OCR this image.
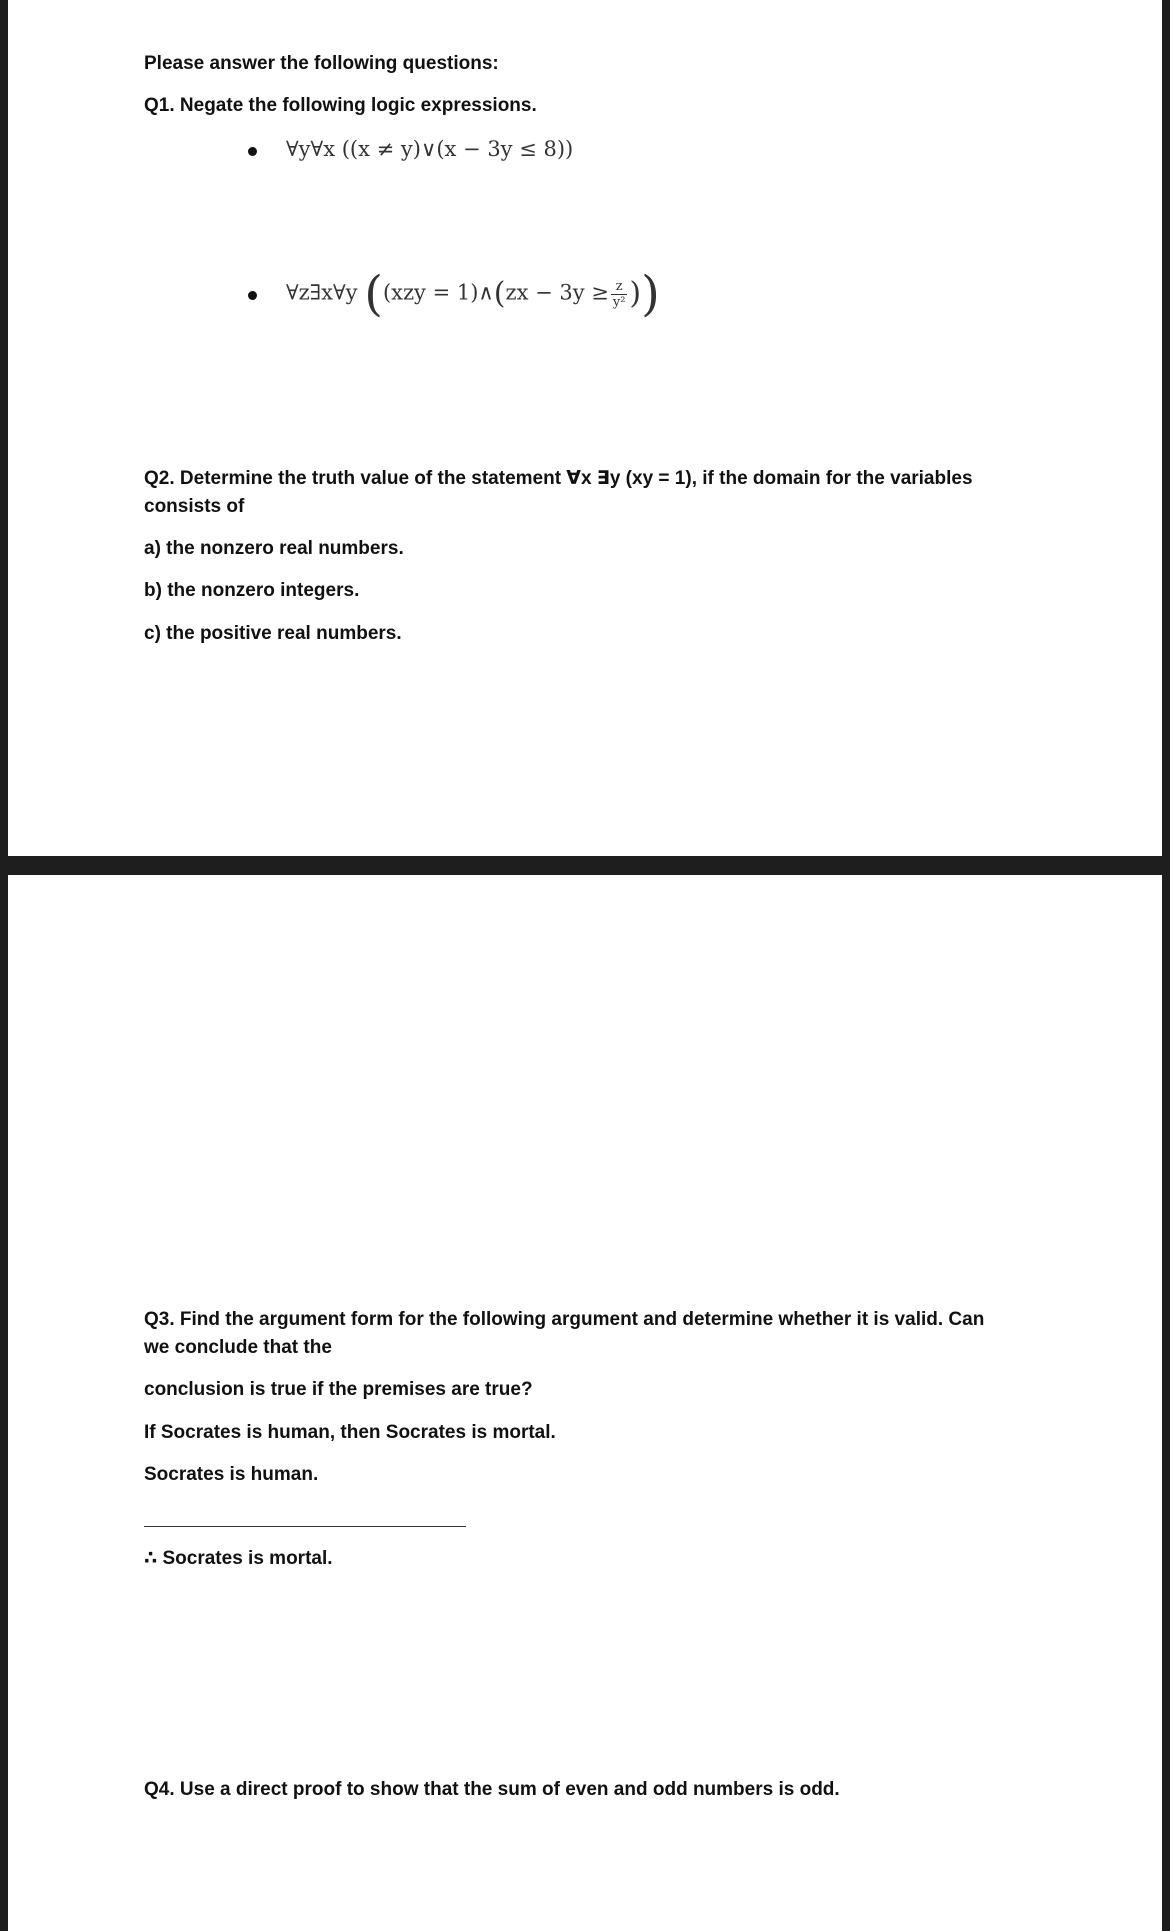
Please answer the following questions:
Q1. Negate the following logic expressions.
∀y∀x ((x ≠ y)∨(x − 3y ≤ 8))
∀z∃x∀y ((xzy = 1)∧(zx − $3y \ge \frac{z}{\text{y²}}$ ))
Q2. Determine the truth value of the statement ∀x ∃y (xy = 1), if the domain for the variables
consists of
a) the nonzero real numbers.
b) the nonzero integers.
c) the positive real numbers.
Q3. Find the argument form for the following argument and determine whether it is valid. Can
we conclude that the
conclusion is true if the premises are true?
If Socrates is human, then Socrates is mortal.
Socrates is human.
∴ Socrates is mortal.
Q4. Use a direct proof to show that the sum of even and odd numbers is odd.
